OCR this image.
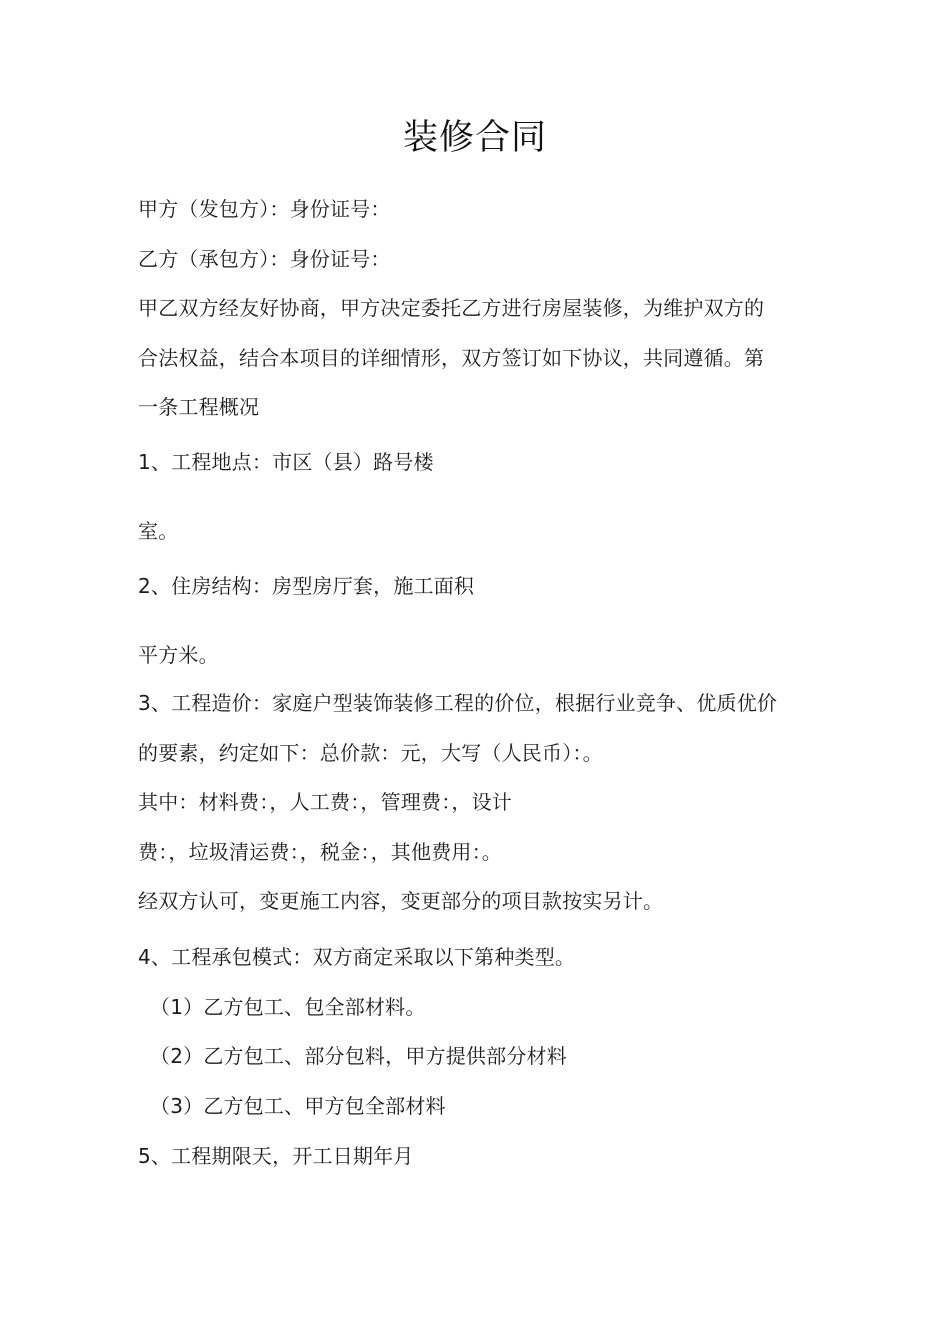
装修合同
甲方（发包方）：身份证号：
乙方（承包方）：身份证号：
甲乙双方经友好协商，甲方决定委托乙方进行房屋装修，为维护双方的
合法权益，结合本项目的详细情形，双方签订如下协议，共同遵循。第
一条工程概况
1、工程地点：市区（县）路号楼
室。
2、住房结构：房型房厅套，施工面积
平方米。
3、工程造价：家庭户型装饰装修工程的价位，根据行业竞争、优质优价
的要素，约定如下：总价款：元，大写（人民币）：。
其中：材料费：，人工费：，管理费：，设计
费：，垃圾清运费：，税金：，其他费用：。
经双方认可，变更施工内容，变更部分的项目款按实另计。
4、工程承包模式：双方商定采取以下第种类型。
（1）乙方包工、包全部材料。
（2）乙方包工、部分包料，甲方提供部分材料
（3）乙方包工、甲方包全部材料
5、工程期限天，开工日期年月
